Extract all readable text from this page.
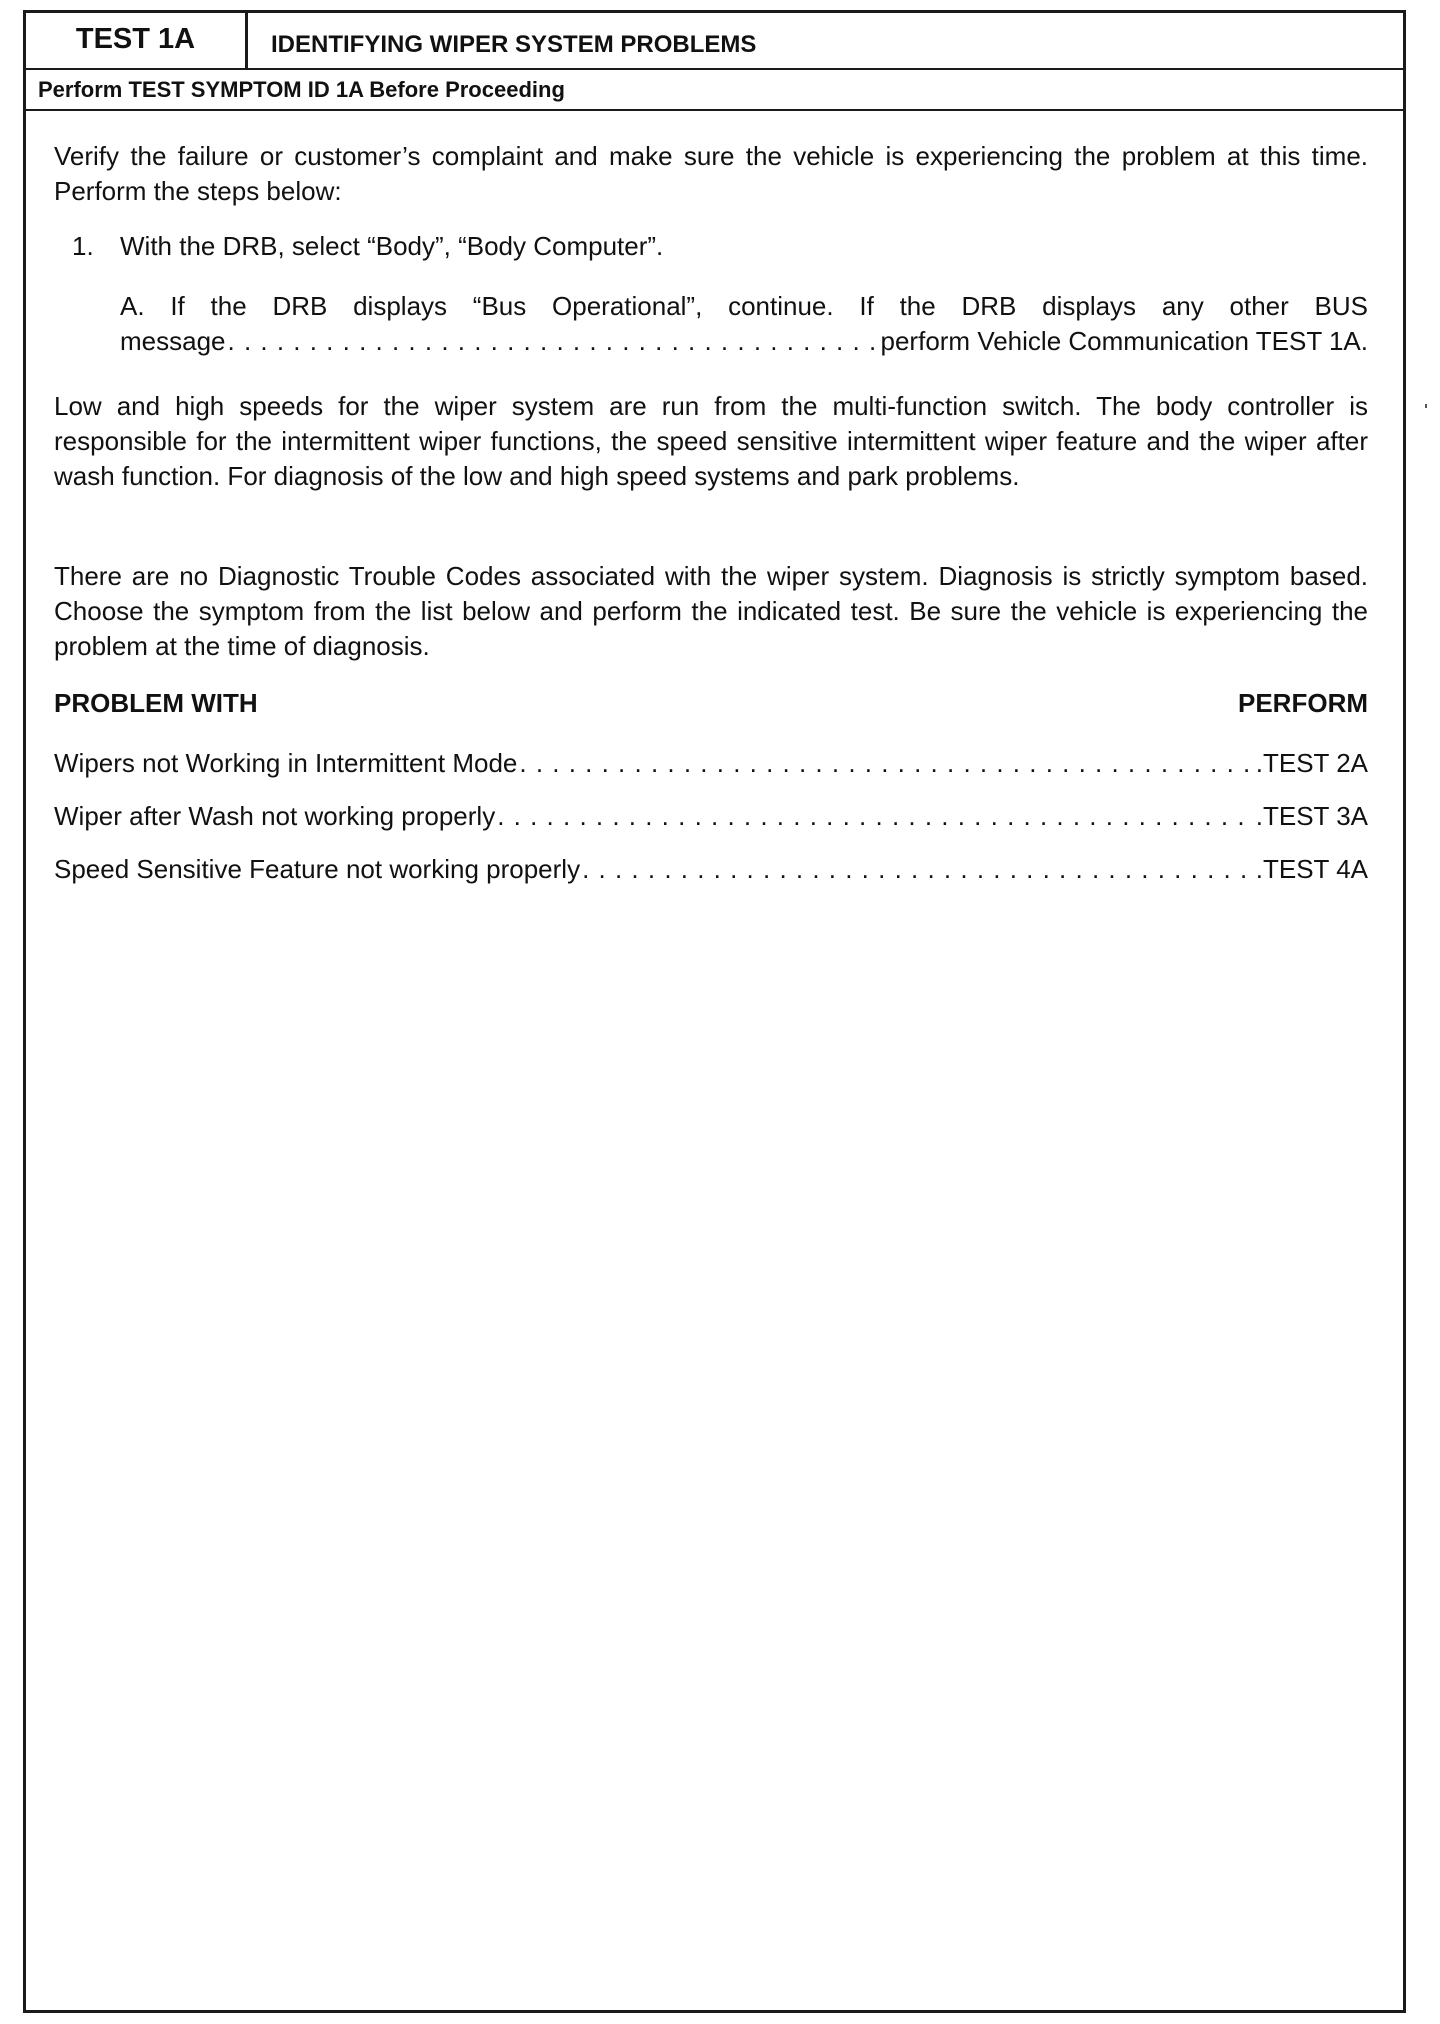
TEST 1A	IDENTIFYING WIPER SYSTEM PROBLEMS
Perform TEST SYMPTOM ID 1A Before Proceeding

Verify the failure or customer’s complaint and make sure the vehicle is experiencing the problem at this time. Perform the steps below:

1. With the DRB, select “Body”, “Body Computer”.

A. If the DRB displays “Bus Operational”, continue. If the DRB displays any other BUS

message . . .	perform Vehicle Communication TEST 1A.

Low and high speeds for the wiper system are run from the multi-function switch. The body controller is responsible for the intermittent wiper functions, the speed sensitive intermittent wiper feature and the wiper after wash function. For diagnosis of the low and high speed systems and park problems.

There are no Diagnostic Trouble Codes associated with the wiper system. Diagnosis is strictly symptom based. Choose the symptom from the list below and perform the indicated test. Be sure the vehicle is experiencing the problem at the time of diagnosis.

PROBLEM WITH	PERFORM
Wipers not Working in Intermittent Mode . . .	.TEST 2A
Wiper after Wash not working properly . . .	.TEST 3A
Speed Sensitive Feature not working properly . . .	.TEST 4A
